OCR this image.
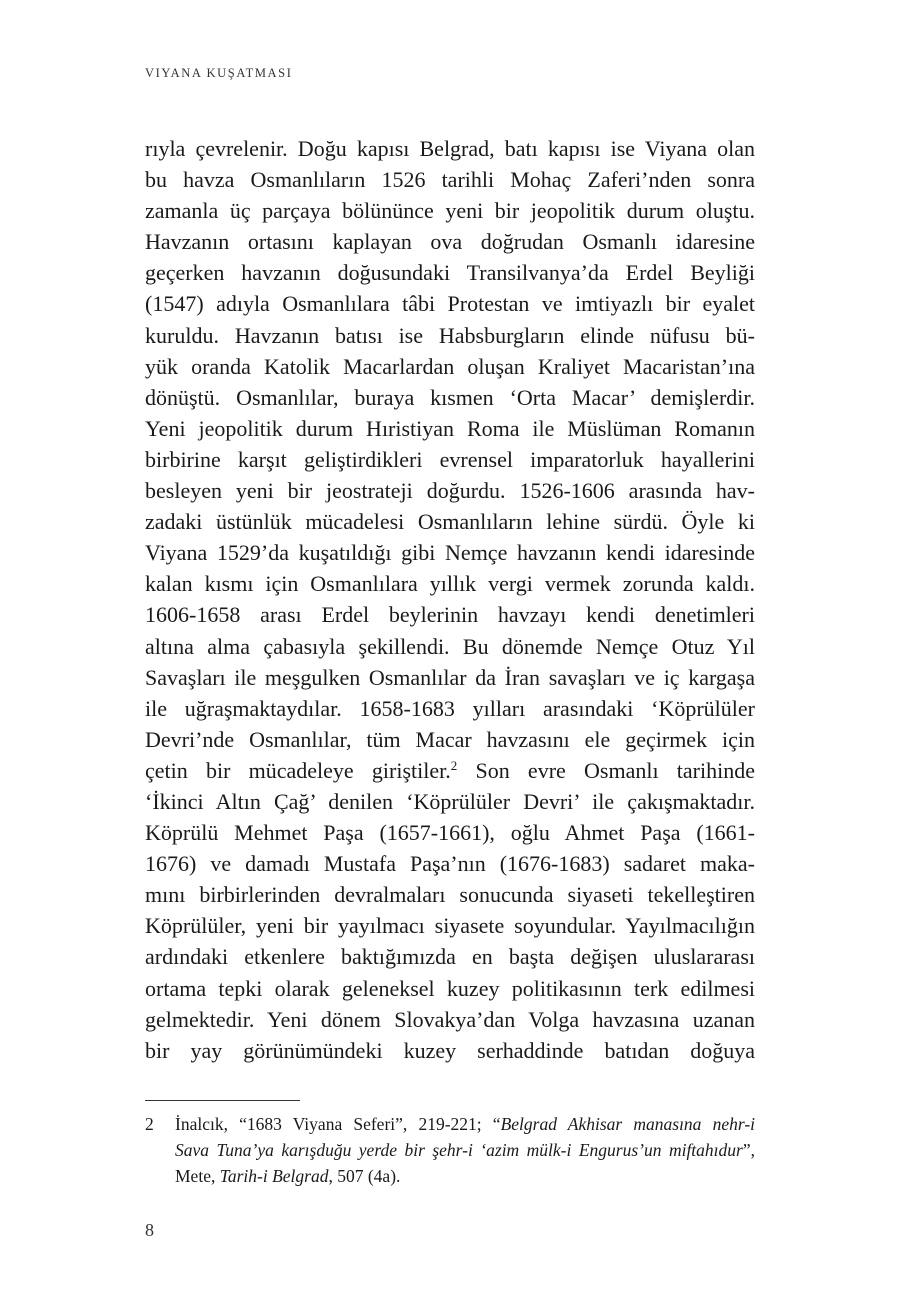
VIYANA KUŞATMASI
rıyla çevrelenir. Doğu kapısı Belgrad, batı kapısı ise Viyana olan
bu havza Osmanlıların 1526 tarihli Mohaç Zaferi’nden sonra
zamanla üç parçaya bölününce yeni bir jeopolitik durum oluştu.
Havzanın ortasını kaplayan ova doğrudan Osmanlı idaresine
geçerken havzanın doğusundaki Transilvanya’da Erdel Beyliği
(1547) adıyla Osmanlılara tâbi Protestan ve imtiyazlı bir eyalet
kuruldu. Havzanın batısı ise Habsburgların elinde nüfusu bü-
yük oranda Katolik Macarlardan oluşan Kraliyet Macaristan’ına
dönüştü. Osmanlılar, buraya kısmen ‘Orta Macar’ demişlerdir.
Yeni jeopolitik durum Hıristiyan Roma ile Müslüman Romanın
birbirine karşıt geliştirdikleri evrensel imparatorluk hayallerini
besleyen yeni bir jeostrateji doğurdu. 1526-1606 arasında hav-
zadaki üstünlük mücadelesi Osmanlıların lehine sürdü. Öyle ki
Viyana 1529’da kuşatıldığı gibi Nemçe havzanın kendi idaresinde
kalan kısmı için Osmanlılara yıllık vergi vermek zorunda kaldı.
1606-1658 arası Erdel beylerinin havzayı kendi denetimleri
altına alma çabasıyla şekillendi. Bu dönemde Nemçe Otuz Yıl
Savaşları ile meşgulken Osmanlılar da İran savaşları ve iç kargaşa
ile uğraşmaktaydılar. 1658-1683 yılları arasındaki ‘Köprülüler
Devri’nde Osmanlılar, tüm Macar havzasını ele geçirmek için
çetin bir mücadeleye giriştiler.$^2$ Son evre Osmanlı tarihinde
‘İkinci Altın Çağ’ denilen ‘Köprülüler Devri’ ile çakışmaktadır.
Köprülü Mehmet Paşa (1657-1661), oğlu Ahmet Paşa (1661-
1676) ve damadı Mustafa Paşa’nın (1676-1683) sadaret maka-
mını birbirlerinden devralmaları sonucunda siyaseti tekelleştiren
Köprülüler, yeni bir yayılmacı siyasete soyundular. Yayılmacılığın
ardındaki etkenlere baktığımızda en başta değişen uluslararası
ortama tepki olarak geleneksel kuzey politikasının terk edilmesi
gelmektedir. Yeni dönem Slovakya’dan Volga havzasına uzanan
bir yay görünümündeki kuzey serhaddinde batıdan doğuya
2	İnalcık, “1683 Viyana Seferi”, 219-221; “Belgrad Akhisar manasına nehr-i
Sava Tuna’ya karışduğu yerde bir şehr-i ‘azim mülk-i Engurus’un miftahıdur”,
Mete, Tarih-i Belgrad, 507 (4a).
8
